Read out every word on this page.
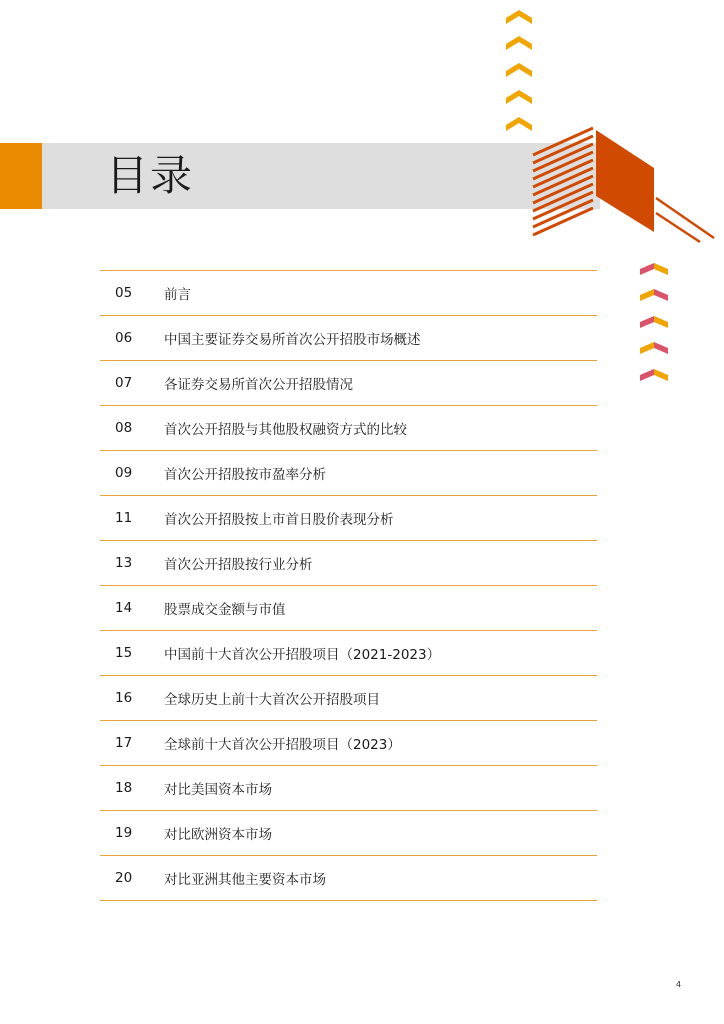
目录
05	前言
06	中国主要证券交易所首次公开招股市场概述
07	各证券交易所首次公开招股情况
08	首次公开招股与其他股权融资方式的比较
09	首次公开招股按市盈率分析
11	首次公开招股按上市首日股价表现分析
13	首次公开招股按行业分析
14	股票成交金额与市值
15	中国前十大首次公开招股项目（2021-2023）
16	全球历史上前十大首次公开招股项目
17	全球前十大首次公开招股项目（2023）
18	对比美国资本市场
19	对比欧洲资本市场
20	对比亚洲其他主要资本市场
4
